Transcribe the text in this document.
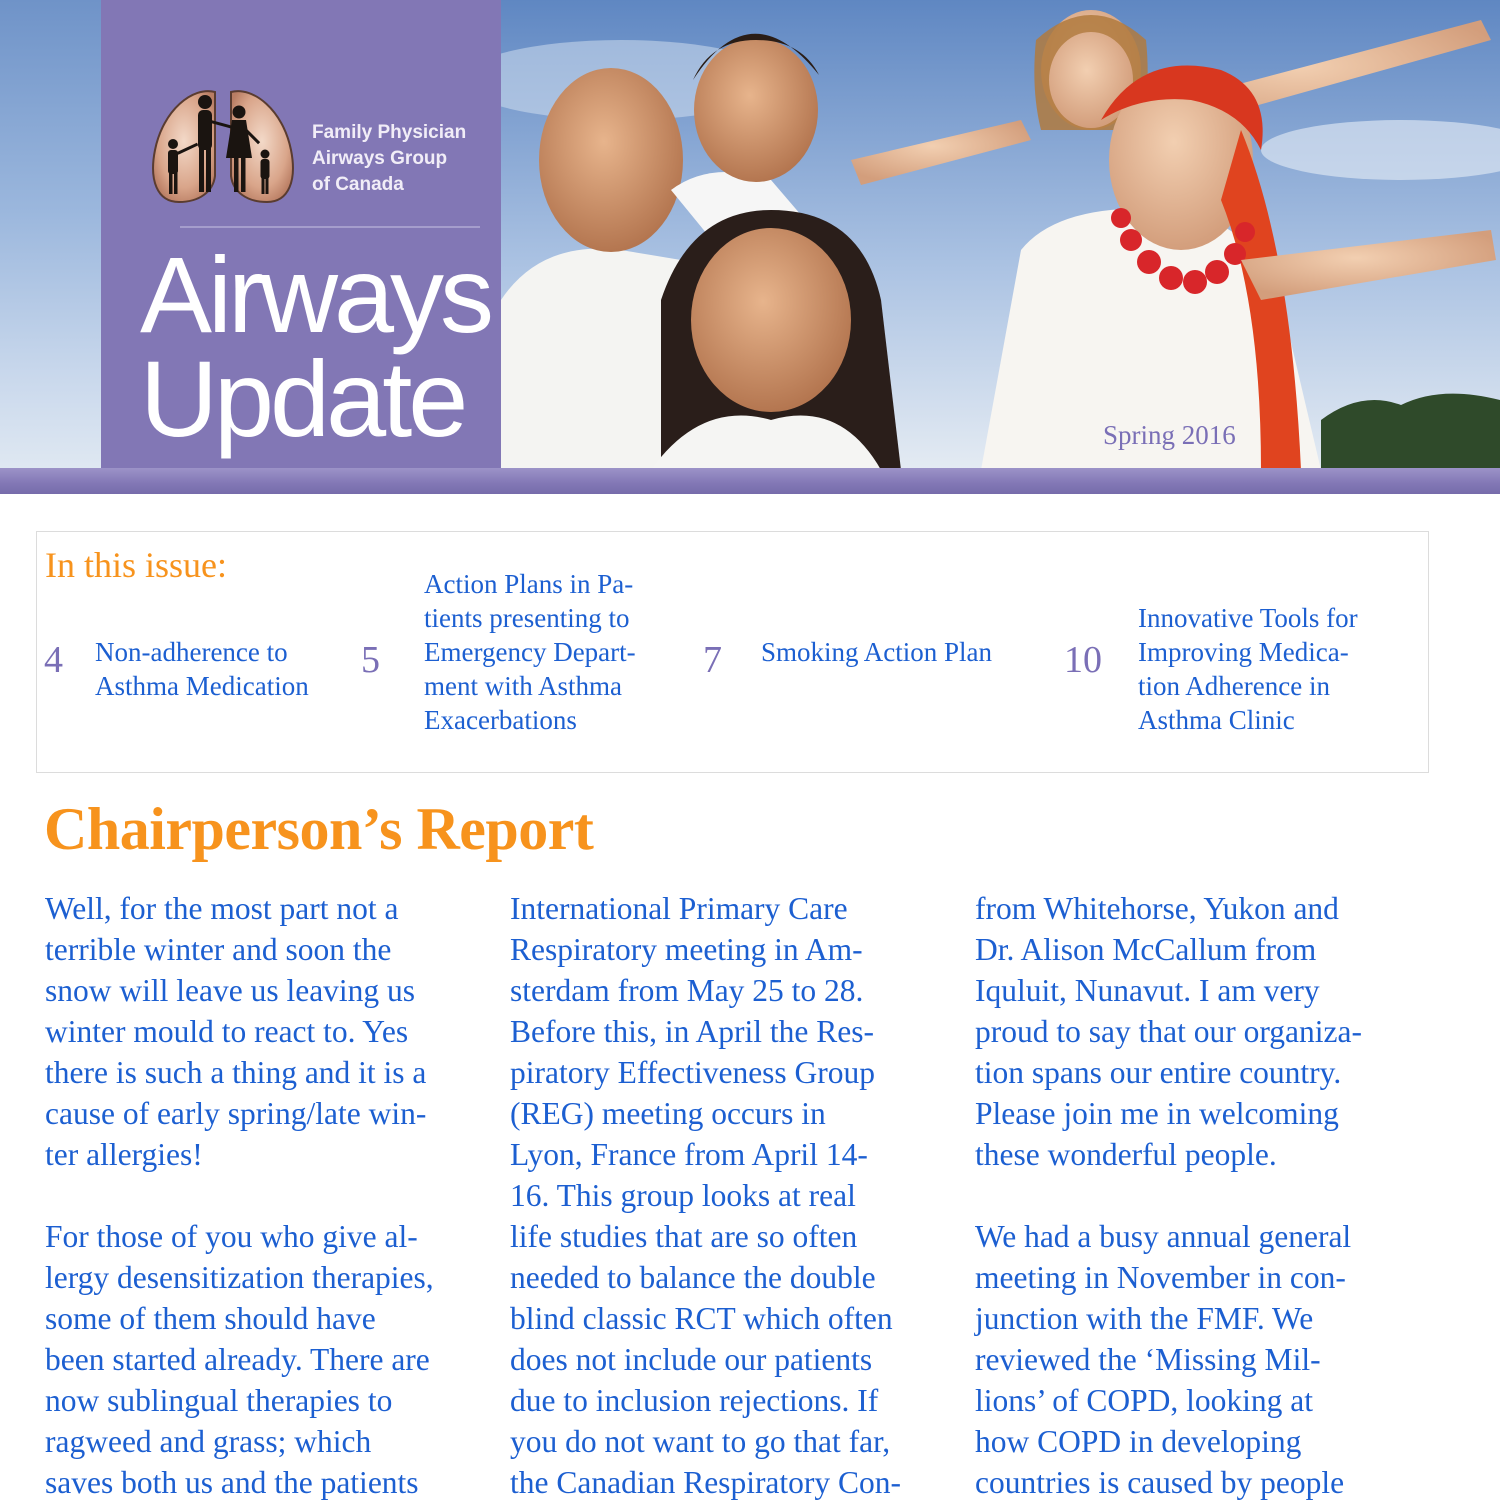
Family Physician
Airways Group
of Canada
Airways
Update	Spring 2016
In this issue:
4 Non-adherence to
Asthma Medication
5
Action Plans in Pa-
tients presenting to
Emergency Depart-
ment with Asthma
Exacerbations
7 Smoking Action Plan 10
Innovative Tools for
Improving Medica-
tion Adherence in
Asthma Clinic
Chairperson’s Report
Well, for the most part not a
terrible winter and soon the
snow will leave us leaving us
winter mould to react to. Yes
there is such a thing and it is a
cause of early spring/late win-
ter allergies!
For those of you who give al-
lergy desensitization therapies,
some of them should have
been started already. There are
now sublingual therapies to
ragweed and grass; which
saves both us and the patients
International Primary Care
Respiratory meeting in Am-
sterdam from May 25 to 28.
Before this, in April the Res-
piratory Effectiveness Group
(REG) meeting occurs in
Lyon, France from April 14-
16. This group looks at real
life studies that are so often
needed to balance the double
blind classic RCT which often
does not include our patients
due to inclusion rejections. If
you do not want to go that far,
the Canadian Respiratory Con-
from Whitehorse, Yukon and
Dr. Alison McCallum from
Iquluit, Nunavut. I am very
proud to say that our organiza-
tion spans our entire country.
Please join me in welcoming
these wonderful people.
We had a busy annual general
meeting in November in con-
junction with the FMF. We
reviewed the ‘Missing Mil-
lions’ of COPD, looking at
how COPD in developing
countries is caused by people
